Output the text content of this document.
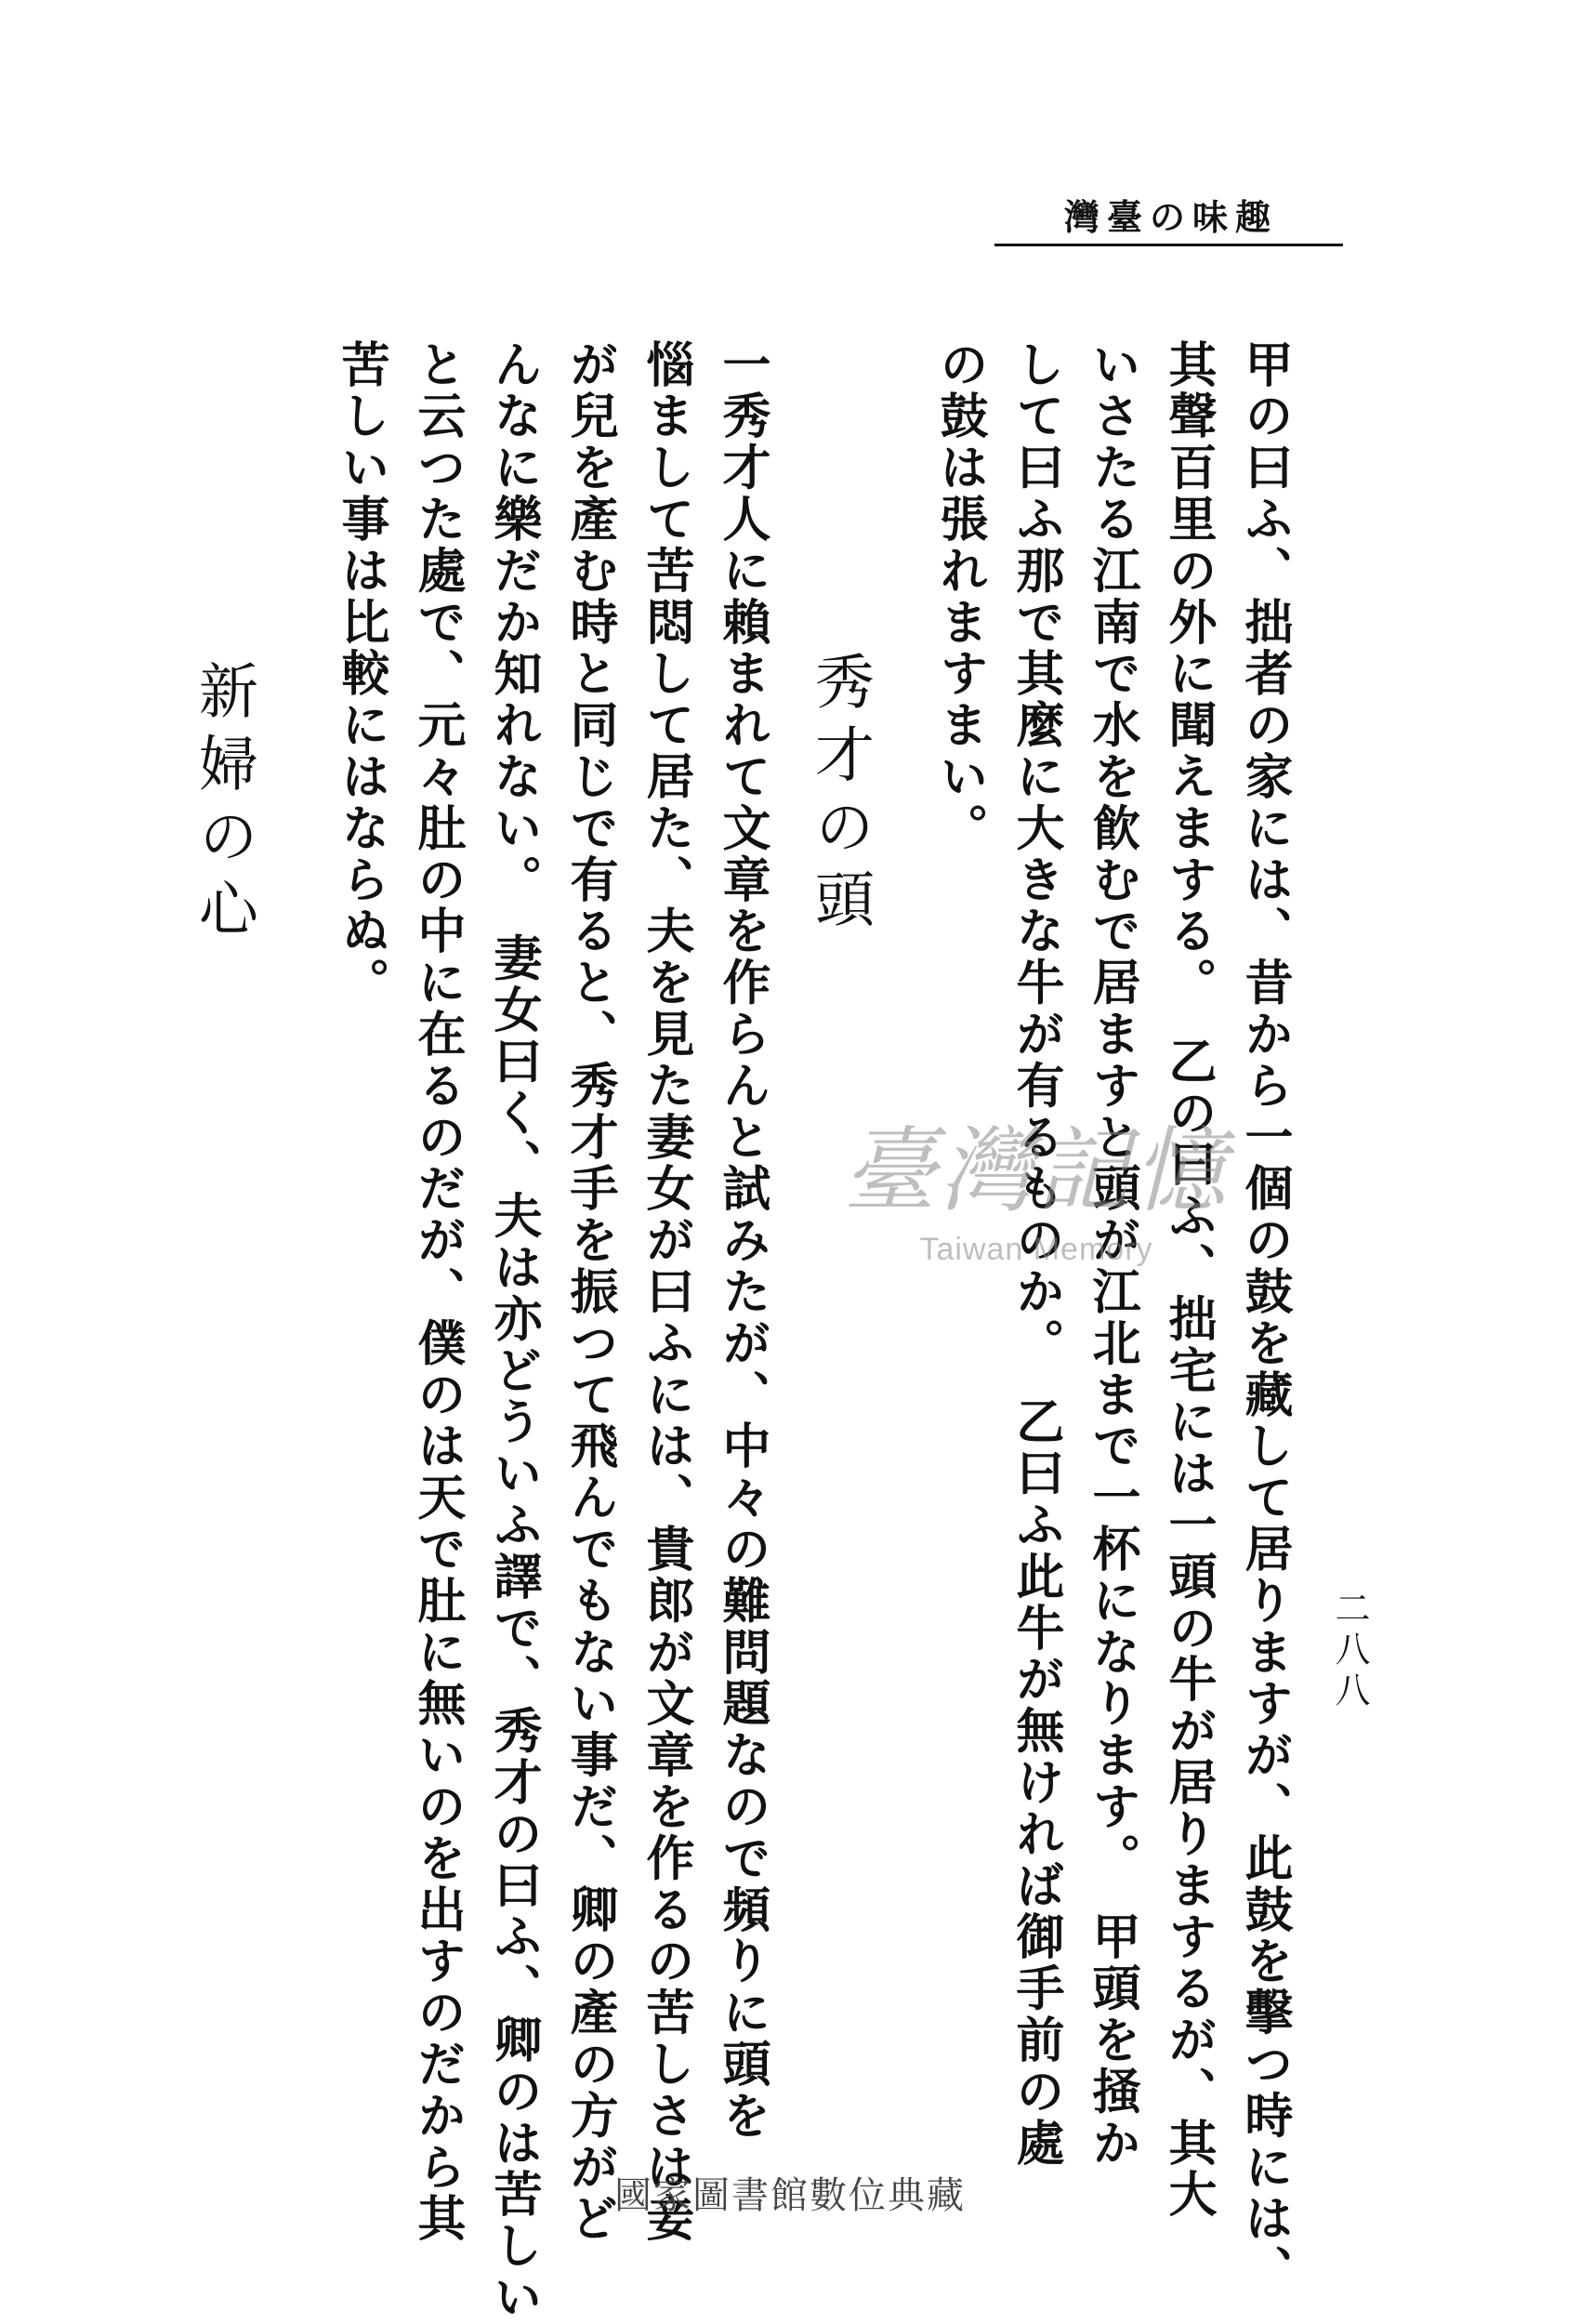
趣味の臺灣
甲の曰ふ、拙者の家には、昔から一個の鼓を藏して居りますが、此鼓を擊つ時には、
其聲百里の外に聞えまする。　乙の曰ふ、拙宅には一頭の牛が居りまするが、其大
いさたる江南で水を飮むで居ますと頭が江北まで一杯になります。　甲頭を掻か
して曰ふ那で其麼に大きな牛が有るものか。　乙曰ふ此牛が無ければ御手前の處
の鼓は張れますまい。
秀才の頭
一秀才人に賴まれて文章を作らんと試みたが、中々の難問題なので頻りに頭を
惱まして苦悶して居た、夫を見た妻女が曰ふには、貴郎が文章を作るの苦しさは妾
が兒を產む時と同じで有ると、秀才手を振つて飛んでもない事だ、卿の產の方がど
んなに樂だか知れない。　妻女曰く、夫は亦どういふ譯で、秀才の曰ふ、卿のは苦しい
と云つた處で、元々肚の中に在るのだが、僕のは天で肚に無いのを出すのだから其
苦しい事は比較にはならぬ。
新婦の心
二八八
臺灣記憶
Taiwan Memory
國家圖書館數位典藏
